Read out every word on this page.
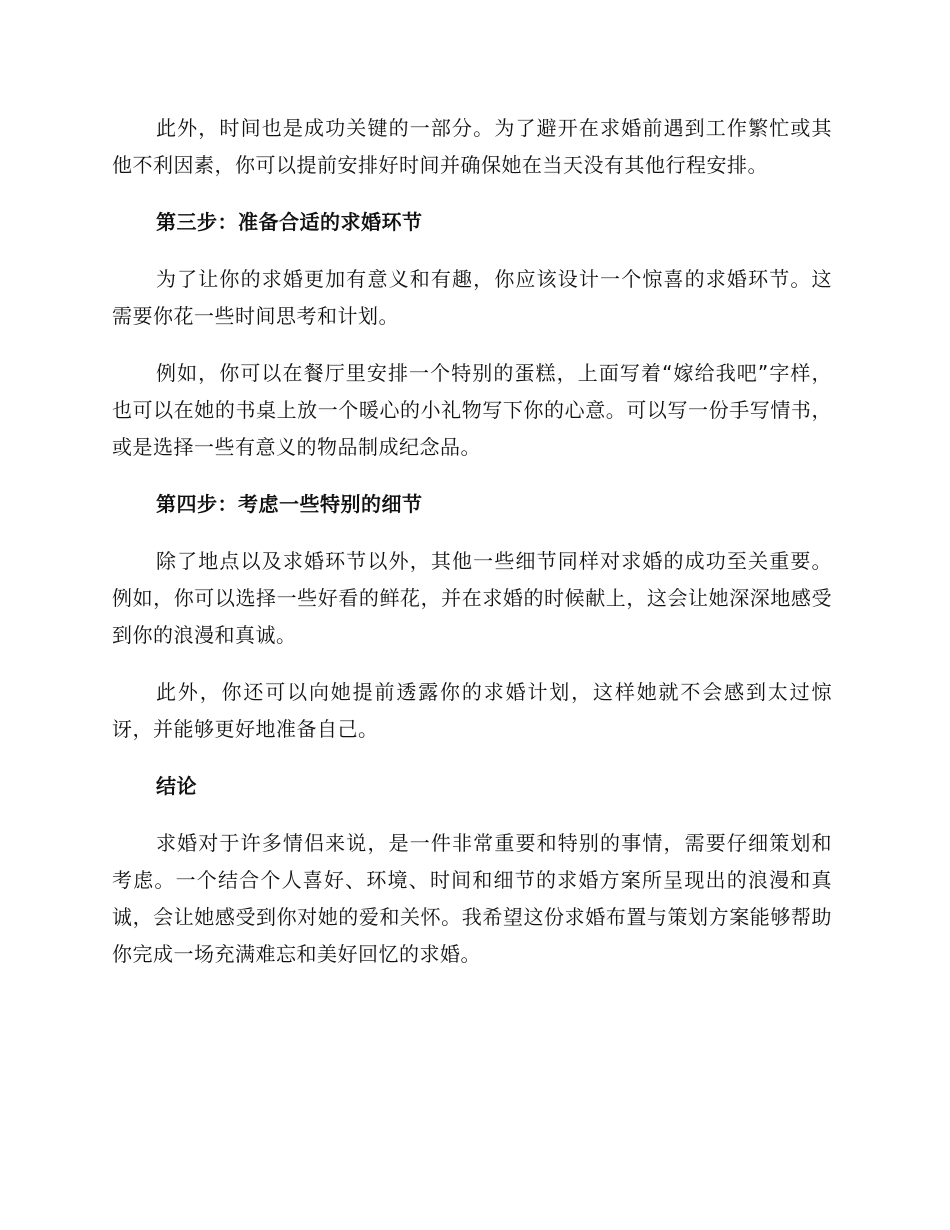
此外，时间也是成功关键的一部分。为了避开在求婚前遇到工作繁忙或其他不利因素，你可以提前安排好时间并确保她在当天没有其他行程安排。

第三步：准备合适的求婚环节

为了让你的求婚更加有意义和有趣，你应该设计一个惊喜的求婚环节。这需要你花一些时间思考和计划。

例如，你可以在餐厅里安排一个特别的蛋糕，上面写着“嫁给我吧”字样，也可以在她的书桌上放一个暖心的小礼物写下你的心意。可以写一份手写情书，或是选择一些有意义的物品制成纪念品。

第四步：考虑一些特别的细节

除了地点以及求婚环节以外，其他一些细节同样对求婚的成功至关重要。例如，你可以选择一些好看的鲜花，并在求婚的时候献上，这会让她深深地感受到你的浪漫和真诚。

此外，你还可以向她提前透露你的求婚计划，这样她就不会感到太过惊讶，并能够更好地准备自己。

结论

求婚对于许多情侣来说，是一件非常重要和特别的事情，需要仔细策划和考虑。一个结合个人喜好、环境、时间和细节的求婚方案所呈现出的浪漫和真诚，会让她感受到你对她的爱和关怀。我希望这份求婚布置与策划方案能够帮助你完成一场充满难忘和美好回忆的求婚。
